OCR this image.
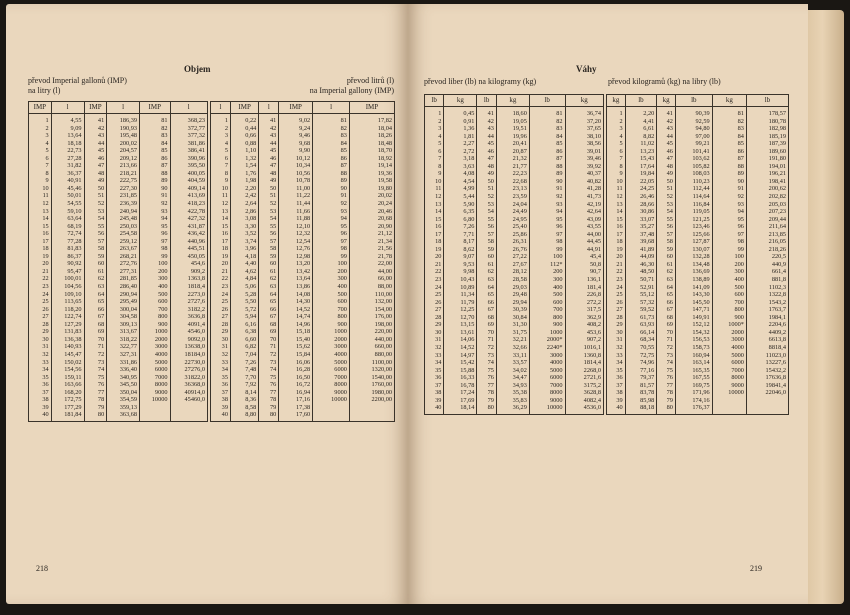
Objem
převod Imperial gallonů (IMP)
na litry (l)
převod litrů (l)
na Imperial gallony (IMP)
IMP	l	IMP	l	IMP	l
1	4,55	41	186,39	81	368,23
2	9,09	42	190,93	82	372,77
3	13,64	43	195,48	83	377,32
4	18,18	44	200,02	84	381,86
5	22,73	45	204,57	85	386,41
6	27,28	46	209,12	86	390,96
7	31,82	47	213,66	87	395,50
8	36,37	48	218,21	88	400,05
9	40,91	49	222,75	89	404,59
10	45,46	50	227,30	90	409,14
11	50,01	51	231,85	91	413,69
12	54,55	52	236,39	92	418,23
13	59,10	53	240,94	93	422,78
14	63,64	54	245,48	94	427,32
15	68,19	55	250,03	95	431,87
16	72,74	56	254,58	96	436,42
17	77,28	57	259,12	97	440,96
18	81,83	58	263,67	98	445,51
19	86,37	59	268,21	99	450,05
20	90,92	60	272,76	100	454,6
21	95,47	61	277,31	200	909,2
22	100,01	62	281,85	300	1363,8
23	104,56	63	286,40	400	1818,4
24	109,10	64	290,94	500	2273,0
25	113,65	65	295,49	600	2727,6
26	118,20	66	300,04	700	3182,2
27	122,74	67	304,58	800	3636,8
28	127,29	68	309,13	900	4091,4
29	131,83	69	313,67	1000	4546,0
30	136,38	70	318,22	2000	9092,0
31	140,93	71	322,77	3000	13638,0
32	145,47	72	327,31	4000	18184,0
33	150,02	73	331,86	5000	22730,0
34	154,56	74	336,40	6000	27276,0
35	159,11	75	340,95	7000	31822,0
36	163,66	76	345,50	8000	36368,0
37	168,20	77	350,04	9000	40914,0
38	172,75	78	354,59	10000	45460,0
39	177,29	79	359,13		
40	181,84	80	363,68		
l	IMP	l	IMP	l	IMP
1	0,22	41	9,02	81	17,82
2	0,44	42	9,24	82	18,04
3	0,66	43	9,46	83	18,26
4	0,88	44	9,68	84	18,48
5	1,10	45	9,90	85	18,70
6	1,32	46	10,12	86	18,92
7	1,54	47	10,34	87	19,14
8	1,76	48	10,56	88	19,36
9	1,98	49	10,78	89	19,58
10	2,20	50	11,00	90	19,80
11	2,42	51	11,22	91	20,02
12	2,64	52	11,44	92	20,24
13	2,86	53	11,66	93	20,46
14	3,08	54	11,88	94	20,68
15	3,30	55	12,10	95	20,90
16	3,52	56	12,32	96	21,12
17	3,74	57	12,54	97	21,34
18	3,96	58	12,76	98	21,56
19	4,18	59	12,98	99	21,78
20	4,40	60	13,20	100	22,00
21	4,62	61	13,42	200	44,00
22	4,84	62	13,64	300	66,00
23	5,06	63	13,86	400	88,00
24	5,28	64	14,08	500	110,00
25	5,50	65	14,30	600	132,00
26	5,72	66	14,52	700	154,00
27	5,94	67	14,74	800	176,00
28	6,16	68	14,96	900	198,00
29	6,38	69	15,18	1000	220,00
30	6,60	70	15,40	2000	440,00
31	6,82	71	15,62	3000	660,00
32	7,04	72	15,84	4000	880,00
33	7,26	73	16,06	5000	1100,00
34	7,48	74	16,28	6000	1320,00
35	7,70	75	16,50	7000	1540,00
36	7,92	76	16,72	8000	1760,00
37	8,14	77	16,94	9000	1980,00
38	8,36	78	17,16	10000	2200,00
39	8,58	79	17,38		
40	8,80	80	17,60		
218
Váhy
převod liber (lb) na kilogramy (kg)	převod kilogramů (kg) na libry (lb)
lb	kg	lb	kg	lb	kg
1	0,45	41	18,60	81	36,74
2	0,91	42	19,05	82	37,20
3	1,36	43	19,51	83	37,65
4	1,81	44	19,96	84	38,10
5	2,27	45	20,41	85	38,56
6	2,72	46	20,87	86	39,01
7	3,18	47	21,32	87	39,46
8	3,63	48	21,77	88	39,92
9	4,08	49	22,23	89	40,37
10	4,54	50	22,68	90	40,82
11	4,99	51	23,13	91	41,28
12	5,44	52	23,59	92	41,73
13	5,90	53	24,04	93	42,19
14	6,35	54	24,49	94	42,64
15	6,80	55	24,95	95	43,09
16	7,26	56	25,40	96	43,55
17	7,71	57	25,86	97	44,00
18	8,17	58	26,31	98	44,45
19	8,62	59	26,76	99	44,91
20	9,07	60	27,22	100	45,4
21	9,53	61	27,67	112*	50,8
22	9,98	62	28,12	200	90,7
23	10,43	63	28,58	300	136,1
24	10,89	64	29,03	400	181,4
25	11,34	65	29,48	500	226,8
26	11,79	66	29,94	600	272,2
27	12,25	67	30,39	700	317,5
28	12,70	68	30,84	800	362,9
29	13,15	69	31,30	900	408,2
30	13,61	70	31,75	1000	453,6
31	14,06	71	32,21	2000*	907,2
32	14,52	72	32,66	2240*	1016,1
33	14,97	73	33,11	3000	1360,8
34	15,42	74	33,57	4000	1814,4
35	15,88	75	34,02	5000	2268,0
36	16,33	76	34,47	6000	2721,6
37	16,78	77	34,93	7000	3175,2
38	17,24	78	35,38	8000	3628,8
39	17,69	79	35,83	9000	4082,4
40	18,14	80	36,29	10000	4536,0
kg	lb	kg	lb	kg	lb
1	2,20	41	90,39	81	178,57
2	4,41	42	92,59	82	180,78
3	6,61	43	94,80	83	182,98
4	8,82	44	97,00	84	185,19
5	11,02	45	99,21	85	187,39
6	13,23	46	101,41	86	189,60
7	15,43	47	103,62	87	191,80
8	17,64	48	105,82	88	194,01
9	19,84	49	108,03	89	196,21
10	22,05	50	110,23	90	198,41
11	24,25	51	112,44	91	200,62
12	26,46	52	114,64	92	202,82
13	28,66	53	116,84	93	205,03
14	30,86	54	119,05	94	207,23
15	33,07	55	121,25	95	209,44
16	35,27	56	123,46	96	211,64
17	37,48	57	125,66	97	213,85
18	39,68	58	127,87	98	216,05
19	41,89	59	130,07	99	218,26
20	44,09	60	132,28	100	220,5
21	46,30	61	134,48	200	440,9
22	48,50	62	136,69	300	661,4
23	50,71	63	138,89	400	881,8
24	52,91	64	141,09	500	1102,3
25	55,12	65	143,30	600	1322,8
26	57,32	66	145,50	700	1543,2
27	59,52	67	147,71	800	1763,7
28	61,73	68	149,91	900	1984,1
29	63,93	69	152,12	1000*	2204,6
30	66,14	70	154,32	2000	4409,2
31	68,34	71	156,53	3000	6613,8
32	70,55	72	158,73	4000	8818,4
33	72,75	73	160,94	5000	11023,0
34	74,96	74	163,14	6000	13227,6
35	77,16	75	165,35	7000	15432,2
36	79,37	76	167,55	8000	17636,8
37	81,57	77	169,75	9000	19841,4
38	83,78	78	171,96	10000	22046,0
39	85,98	79	174,16		
40	88,18	80	176,37		
219
